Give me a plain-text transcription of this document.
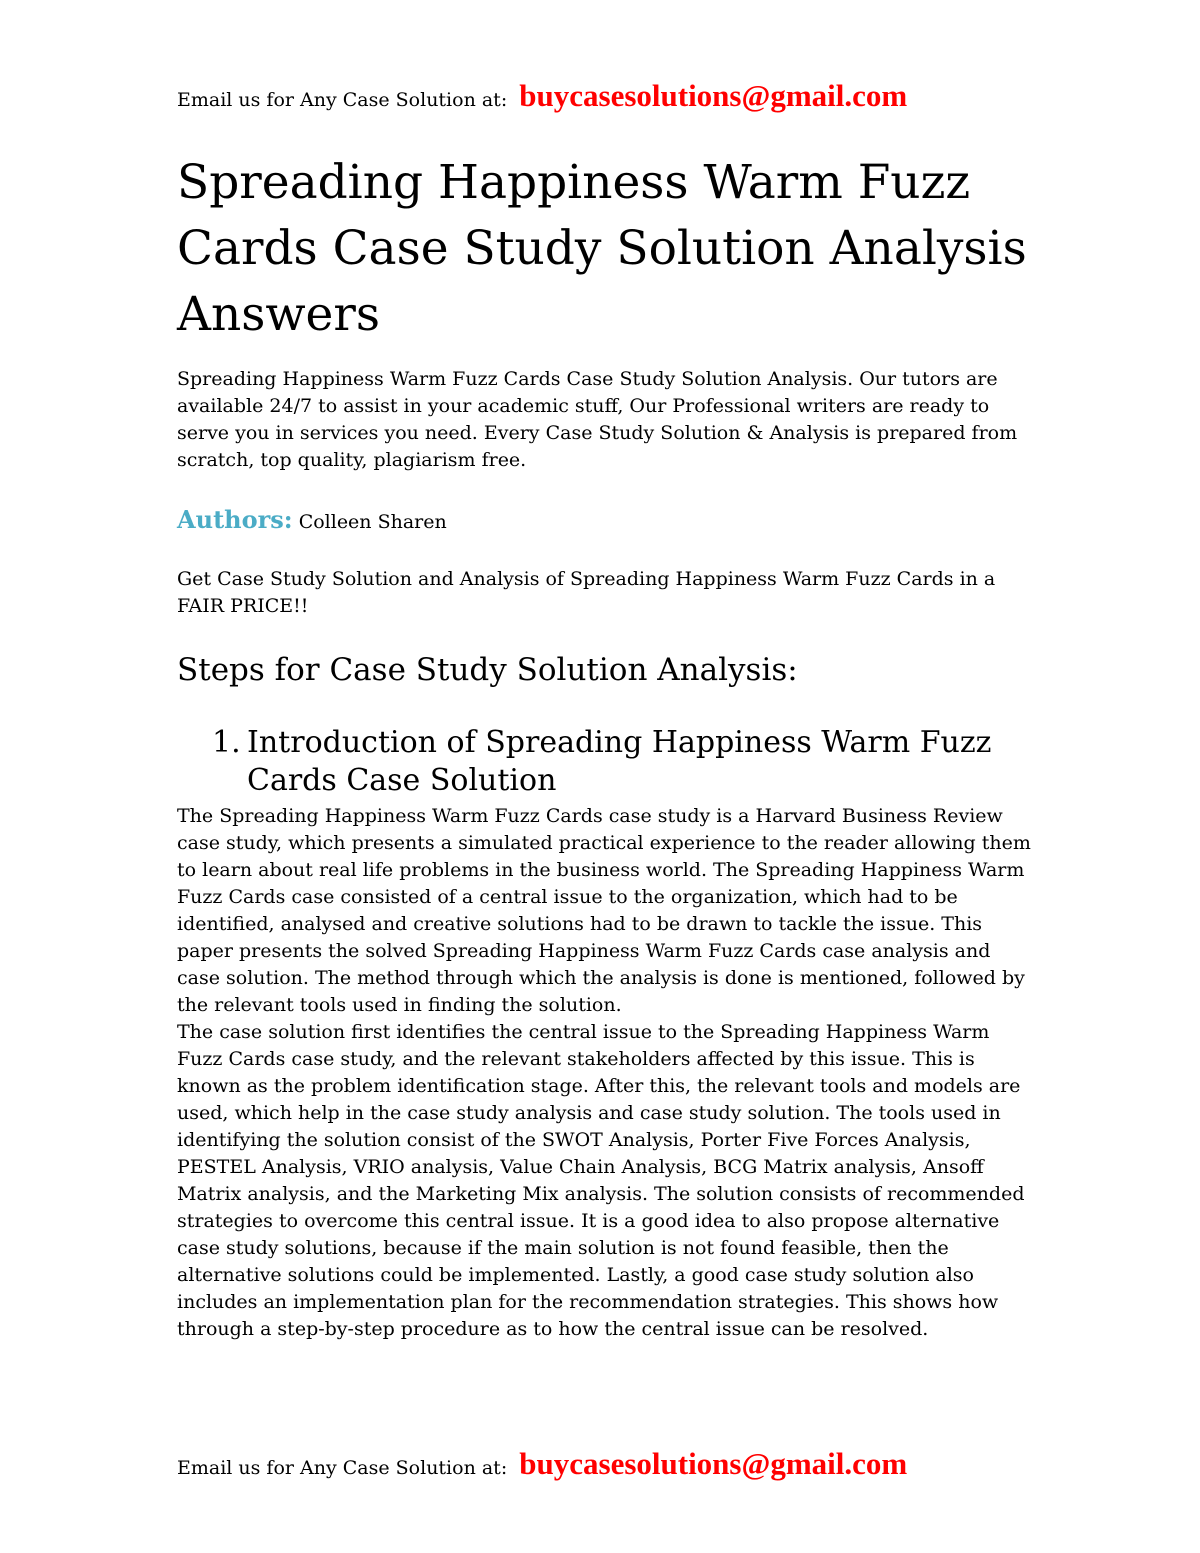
Email us for Any Case Solution at: buycasesolutions@gmail.com
Spreading Happiness Warm Fuzz Cards Case Study Solution Analysis Answers

Spreading Happiness Warm Fuzz Cards Case Study Solution Analysis. Our tutors are available 24/7 to assist in your academic stuff, Our Professional writers are ready to serve you in services you need. Every Case Study Solution & Analysis is prepared from scratch, top quality, plagiarism free.

Authors: Colleen Sharen

Get Case Study Solution and Analysis of Spreading Happiness Warm Fuzz Cards in a FAIR PRICE!!

Steps for Case Study Solution Analysis:
1. Introduction of Spreading Happiness Warm Fuzz Cards Case Solution

The Spreading Happiness Warm Fuzz Cards case study is a Harvard Business Review case study, which presents a simulated practical experience to the reader allowing them to learn about real life problems in the business world. The Spreading Happiness Warm Fuzz Cards case consisted of a central issue to the organization, which had to be identified, analysed and creative solutions had to be drawn to tackle the issue. This paper presents the solved Spreading Happiness Warm Fuzz Cards case analysis and case solution. The method through which the analysis is done is mentioned, followed by the relevant tools used in finding the solution.

The case solution first identifies the central issue to the Spreading Happiness Warm Fuzz Cards case study, and the relevant stakeholders affected by this issue. This is known as the problem identification stage. After this, the relevant tools and models are used, which help in the case study analysis and case study solution. The tools used in identifying the solution consist of the SWOT Analysis, Porter Five Forces Analysis, PESTEL Analysis, VRIO analysis, Value Chain Analysis, BCG Matrix analysis, Ansoff Matrix analysis, and the Marketing Mix analysis. The solution consists of recommended strategies to overcome this central issue. It is a good idea to also propose alternative case study solutions, because if the main solution is not found feasible, then the alternative solutions could be implemented. Lastly, a good case study solution also includes an implementation plan for the recommendation strategies. This shows how through a step-by-step procedure as to how the central issue can be resolved.

Email us for Any Case Solution at: buycasesolutions@gmail.com
